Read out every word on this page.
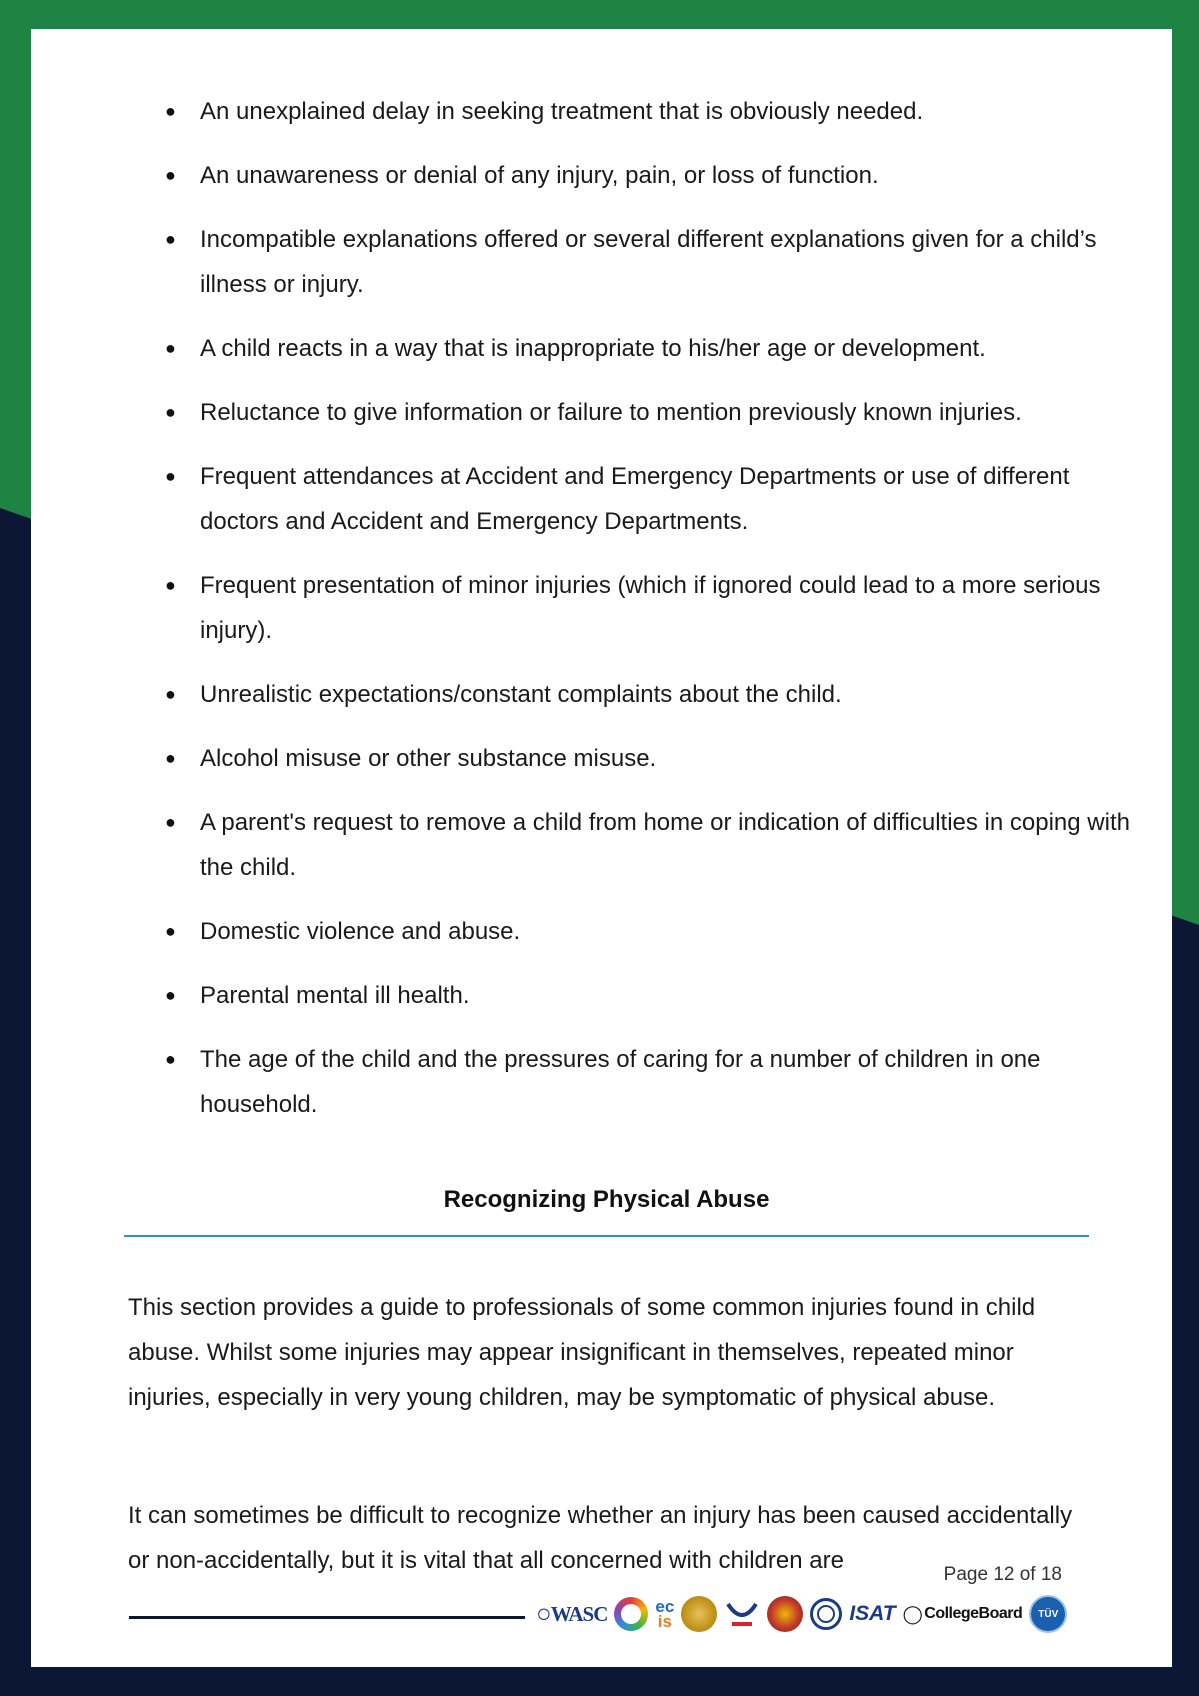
● An unexplained delay in seeking treatment that is obviously needed.
● An unawareness or denial of any injury, pain, or loss of function.
● Incompatible explanations offered or several different explanations given for a child’s illness or injury.
● A child reacts in a way that is inappropriate to his/her age or development.
● Reluctance to give information or failure to mention previously known injuries.
● Frequent attendances at Accident and Emergency Departments or use of different doctors and Accident and Emergency Departments.
● Frequent presentation of minor injuries (which if ignored could lead to a more serious injury).
● Unrealistic expectations/constant complaints about the child.
● Alcohol misuse or other substance misuse.
● A parent's request to remove a child from home or indication of difficulties in coping with the child.
● Domestic violence and abuse.
● Parental mental ill health.
● The age of the child and the pressures of caring for a number of children in one household.
Recognizing Physical Abuse
This section provides a guide to professionals of some common injuries found in child abuse. Whilst some injuries may appear insignificant in themselves, repeated minor injuries, especially in very young children, may be symptomatic of physical abuse.
It can sometimes be difficult to recognize whether an injury has been caused accidentally or non-accidentally, but it is vital that all concerned with children are
Page 12 of 18
○ WASC	ec
is	ISAT ◯ CollegeBoard	TÜV
